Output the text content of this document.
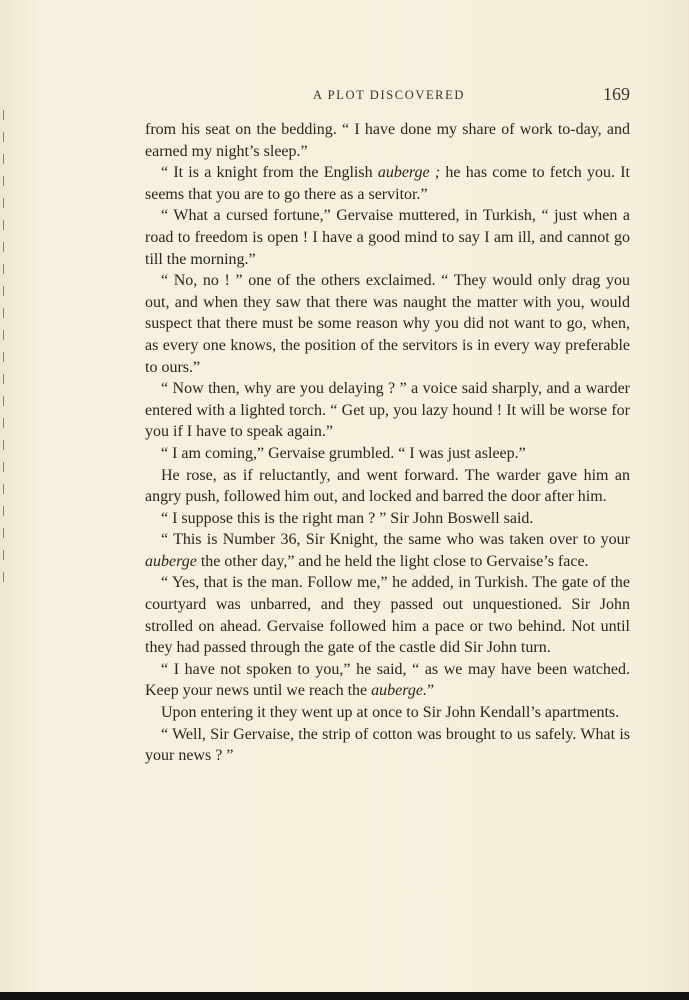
A PLOT DISCOVERED	169

from his seat on the bedding. “ I have done my share of work to-day, and earned my night’s sleep.”

“ It is a knight from the English auberge ; he has come to fetch you. It seems that you are to go there as a servitor.”

“ What a cursed fortune,” Gervaise muttered, in Turkish, “ just when a road to freedom is open ! I have a good mind to say I am ill, and cannot go till the morning.”

“ No, no ! ” one of the others exclaimed. “ They would only drag you out, and when they saw that there was naught the matter with you, would suspect that there must be some reason why you did not want to go, when, as every one knows, the position of the servitors is in every way preferable to ours.”

“ Now then, why are you delaying ? ” a voice said sharply, and a warder entered with a lighted torch. “ Get up, you lazy hound ! It will be worse for you if I have to speak again.”

“ I am coming,” Gervaise grumbled. “ I was just asleep.”

He rose, as if reluctantly, and went forward. The warder gave him an angry push, followed him out, and locked and barred the door after him.

“ I suppose this is the right man ? ” Sir John Boswell said.

“ This is Number 36, Sir Knight, the same who was taken over to your auberge the other day,” and he held the light close to Gervaise’s face.

“ Yes, that is the man. Follow me,” he added, in Turkish. The gate of the courtyard was unbarred, and they passed out unquestioned. Sir John strolled on ahead. Gervaise followed him a pace or two behind. Not until they had passed through the gate of the castle did Sir John turn.

“ I have not spoken to you,” he said, “ as we may have been watched. Keep your news until we reach the auberge.”

Upon entering it they went up at once to Sir John Kendall’s apartments.

“ Well, Sir Gervaise, the strip of cotton was brought to us safely. What is your news ? ”
